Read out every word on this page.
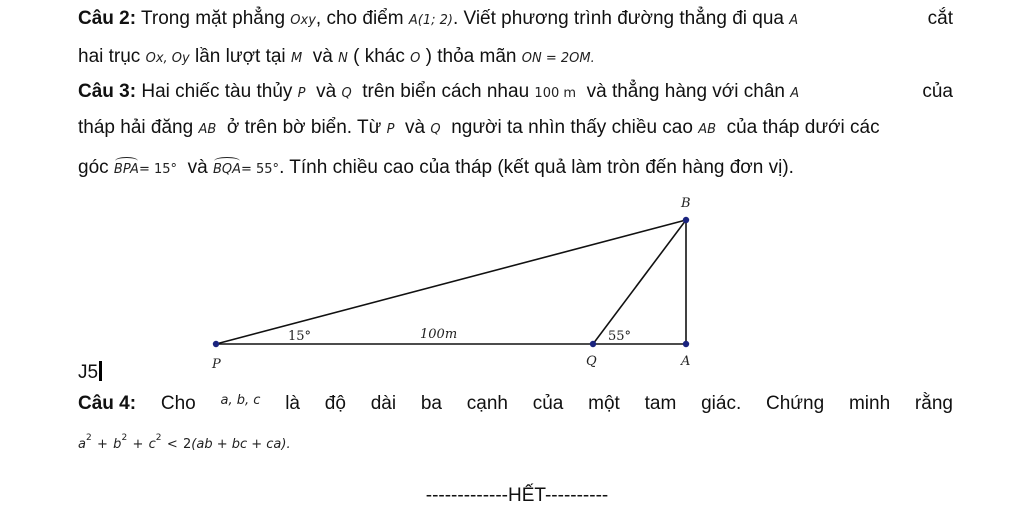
Câu 2: Trong mặt phẳng Oxy, cho điểm A(1; 2). Viết phương trình đường thẳng đi qua A	cắt
hai trục Ox, Oy lần lượt tại M và N ( khác O ) thỏa mãn ON = 2OM.
Câu 3: Hai chiếc tàu thủy P và Q trên biển cách nhau 100 m và thẳng hàng với chân A	của
tháp hải đăng AB ở trên bờ biển. Từ P và Q người ta nhìn thấy chiều cao AB của tháp dưới các
góc BPA= 15° và BQA= 55°. Tính chiều cao của tháp (kết quả làm tròn đến hàng đơn vị).
B
P	Q	A
15°	100m	55°
J5
Câu 4: Cho a, b, c là độ dài ba cạnh của một tam giác. Chứng minh rằng
$a^2 + b^2 + c^2 < 2(ab$ + bc + ca).
-------------HẾT----------
